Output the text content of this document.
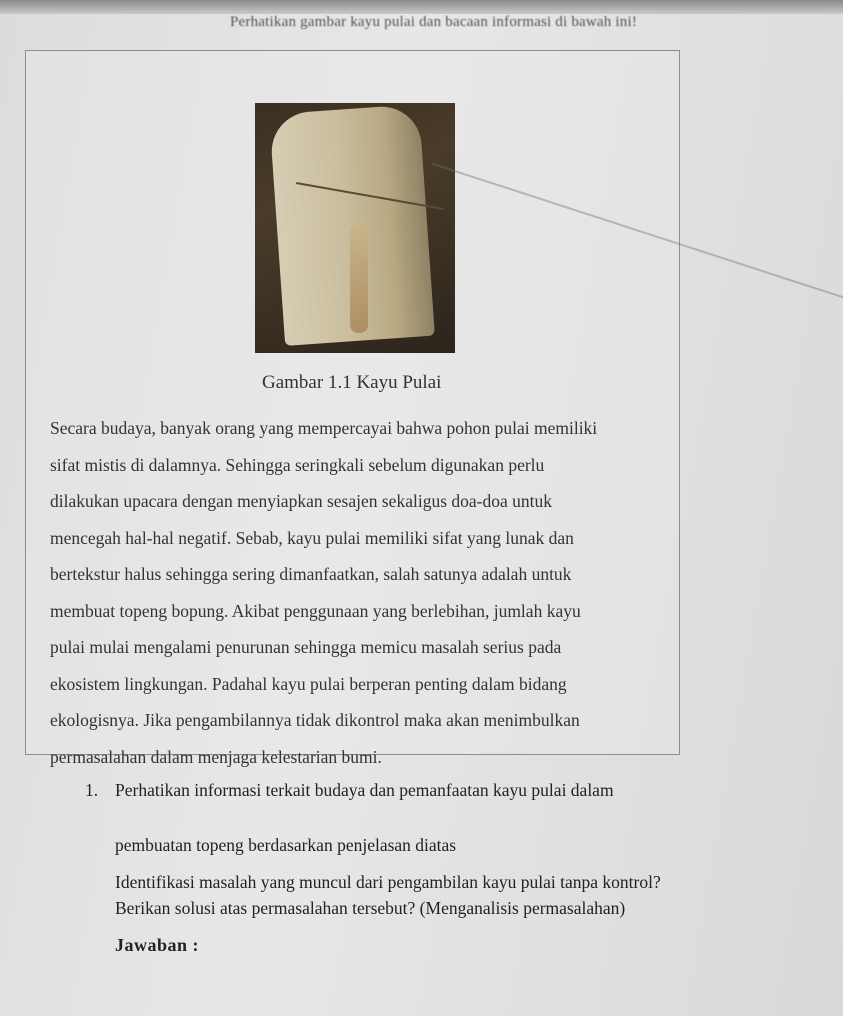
Perhatikan gambar kayu pulai dan bacaan informasi di bawah ini!
Gambar 1.1 Kayu Pulai
Secara budaya, banyak orang yang mempercayai bahwa pohon pulai memiliki
sifat mistis di dalamnya. Sehingga seringkali sebelum digunakan perlu
dilakukan upacara dengan menyiapkan sesajen sekaligus doa-doa untuk
mencegah hal-hal negatif. Sebab, kayu pulai memiliki sifat yang lunak dan
bertekstur halus sehingga sering dimanfaatkan, salah satunya adalah untuk
membuat topeng bopung. Akibat penggunaan yang berlebihan, jumlah kayu
pulai mulai mengalami penurunan sehingga memicu masalah serius pada
ekosistem lingkungan. Padahal kayu pulai berperan penting dalam bidang
ekologisnya. Jika pengambilannya tidak dikontrol maka akan menimbulkan
permasalahan dalam menjaga kelestarian bumi.
1. Perhatikan informasi terkait budaya dan pemanfaatan kayu pulai dalam
pembuatan topeng berdasarkan penjelasan diatas
Identifikasi masalah yang muncul dari pengambilan kayu pulai tanpa kontrol?
Berikan solusi atas permasalahan tersebut? (Menganalisis permasalahan)
Jawaban :
